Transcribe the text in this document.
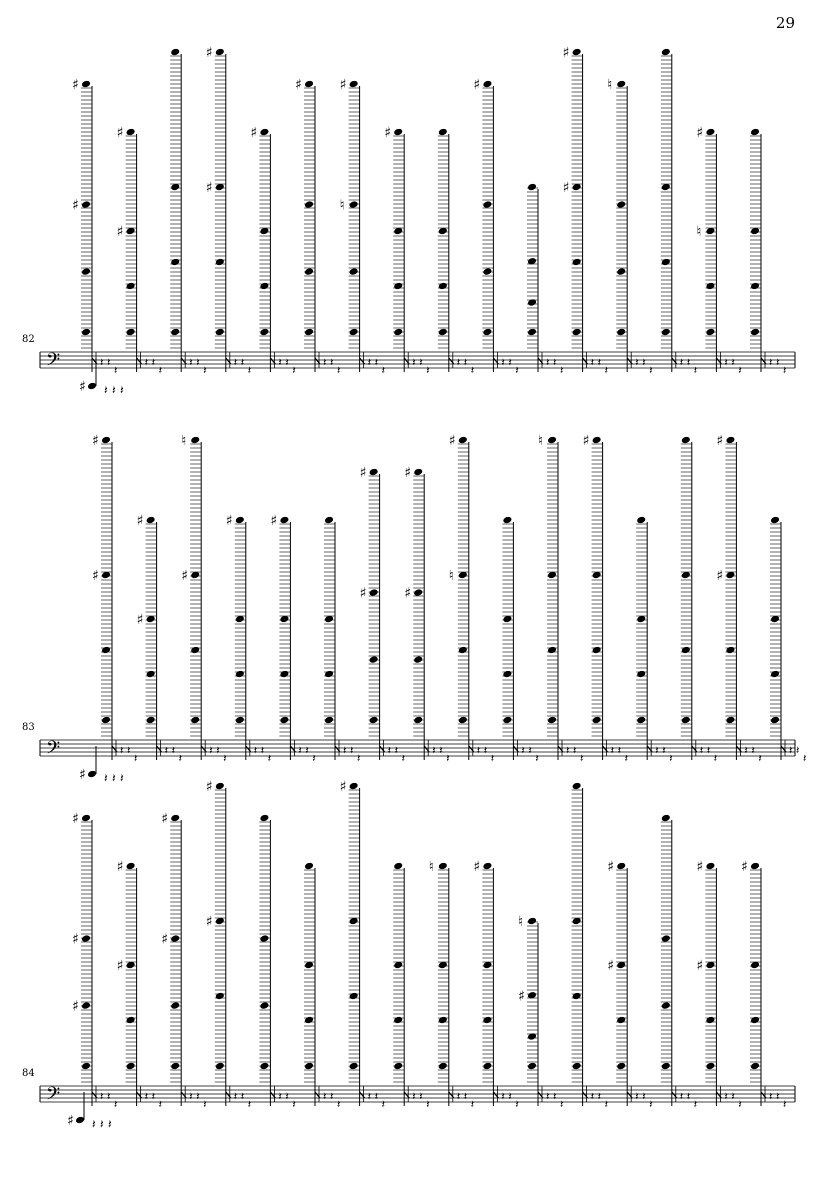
29
82
𝄢
♯ 𝄽 𝄽 𝄽
♯
♯
𝄽 𝄽
𝄽
♯
♯
𝄽 𝄽
𝄽
𝄽 𝄽
𝄽
♯
♯
𝄽 𝄽
𝄽
♯
𝄽 𝄽
𝄽
♯
𝄽 𝄽
𝄽
♯
♮
𝄽 𝄽
𝄽
♯
𝄽 𝄽
𝄽
𝄽 𝄽
𝄽
♯
𝄽 𝄽
𝄽
𝄽 𝄽
𝄽
♯
♯
𝄽 𝄽
𝄽
♮
𝄽 𝄽
𝄽
𝄽 𝄽
𝄽
♯
♮
𝄽 𝄽
𝄽
𝄽 𝄽
𝄽
83
𝄢
♯ 𝄽 𝄽 𝄽
♯
♯
𝄽 𝄽
𝄽
♯
♯
𝄽 𝄽
𝄽
♮
♯
𝄽 𝄽
𝄽
♯
𝄽 𝄽
𝄽
♯
𝄽 𝄽
𝄽
𝄽 𝄽
𝄽
♯
♯
𝄽 𝄽
𝄽
♯
♯
𝄽 𝄽
𝄽
♯
♮
𝄽 𝄽
𝄽
𝄽 𝄽
𝄽
♮
𝄽 𝄽
𝄽
♯
𝄽 𝄽
𝄽
𝄽 𝄽
𝄽
𝄽 𝄽
𝄽
♯
♯
𝄽 𝄽
𝄽
𝄽 𝄽
𝄽
84
𝄢
♯ 𝄽 𝄽 𝄽
♯
♯
♯
𝄽 𝄽
𝄽
♯
♯
𝄽 𝄽
𝄽
♯
♯
𝄽 𝄽
𝄽
♯
♯
𝄽 𝄽
𝄽
𝄽 𝄽
𝄽
𝄽 𝄽
𝄽
♯
𝄽 𝄽
𝄽
𝄽 𝄽
𝄽
♮
𝄽 𝄽
𝄽
♯
𝄽 𝄽
𝄽
♮
♯
𝄽 𝄽
𝄽
𝄽 𝄽
𝄽
♯
♯
𝄽 𝄽
𝄽
𝄽 𝄽
𝄽
♯
♯
𝄽 𝄽
𝄽
♯
𝄽 𝄽
𝄽
